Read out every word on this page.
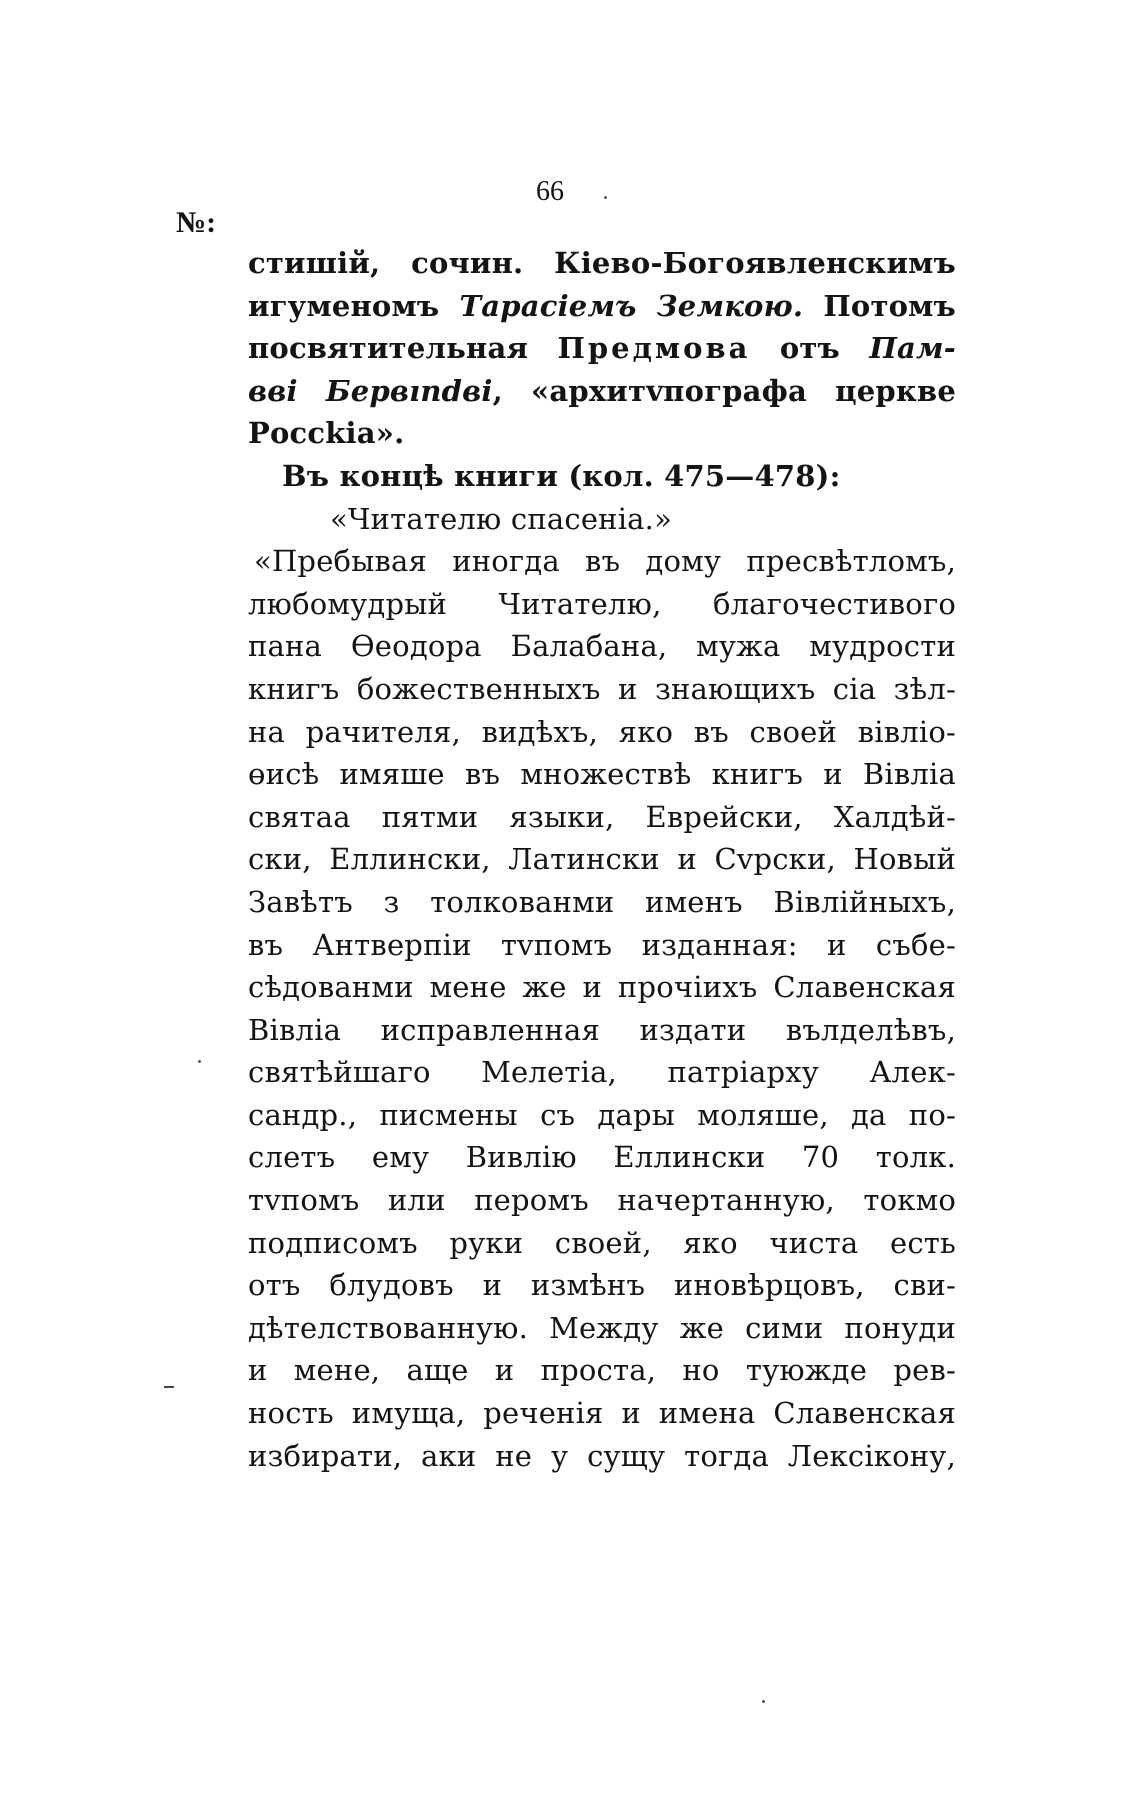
66
№:
стишій, сочин. Кіево-Богоявленскимъ
игуменомъ Тарасіемъ Земкою. Потомъ
посвятительная Предмова отъ Пам-
вві Бервındві, «архитvпографа церкве
Россkіа».
Въ концѣ книги (кол. 475—478):
«Читателю спасеніа.»
«Пребывая иногда въ дому пресвѣтломъ,
любомудрый Читателю, благочестивого
пана Өеодора Балабана, мужа мудрости
книгъ божественныхъ и знающихъ сіа зѣл-
на рачителя, видѣхъ, яко въ своей вівліо-
өиcѣ имяше въ множествѣ книгъ и Вівліа
святаа пятми языки, Еврейски, Халдѣй-
ски, Еллински, Латински и Сvрски, Новый
Завѣтъ з толкованми именъ Вівлійныхъ,
въ Антверпіи тvпомъ изданная: и събе-
сѣдованми мене же и прочіихъ Славенская
Вівліа исправленная издати вълделѣвъ,
святѣйшаго Мелетіа, патріарху Алек-
сандр., писмены съ дары моляше, да по-
слетъ ему Вивлію Еллински 70 толк.
тvпомъ или перомъ начертанную, токмо
подписомъ руки своей, яко чиста есть
отъ блудовъ и измѣнъ иновѣрцовъ, сви-
дѣтелствованную. Между же сими понуди
и мене, аще и проста, но туюжде рев-
ность имуща, реченія и имена Славенская
избирати, аки не у сущу тогда Лексікону,
